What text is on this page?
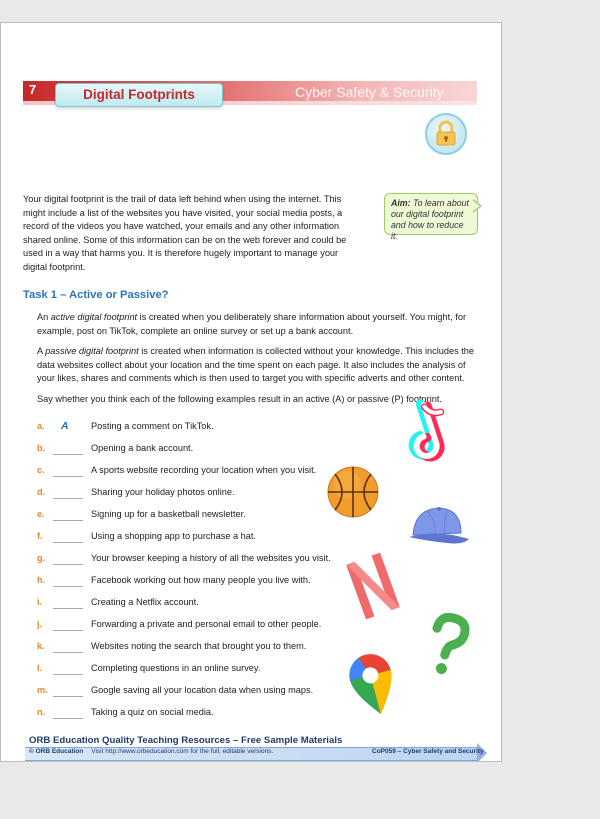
7	Digital Footprints	Cyber Safety & Security

Your digital footprint is the trail of data left behind when using the internet. This might include a list of the websites you have visited, your social media posts, a record of the videos you have watched, your emails and any other information shared online. Some of this information can be on the web forever and could be used in a way that harms you. It is therefore hugely important to manage your digital footprint.

Aim: To learn about our digital footprint and how to reduce it.
Task 1 – Active or Passive?

An active digital footprint is created when you deliberately share information about yourself. You might, for example, post on TikTok, complete an online survey or set up a bank account.

A passive digital footprint is created when information is collected without your knowledge. This includes the data websites collect about your location and the time spent on each page. It also includes the analysis of your likes, shares and comments which is then used to target you with specific adverts and other content.

Say whether you think each of the following examples result in an active (A) or passive (P) footprint.

a. A Posting a comment on TikTok.
b.	Opening a bank account.
c.	A sports website recording your location when you visit.
d.	Sharing your holiday photos online.
e.	Signing up for a basketball newsletter.
f.	Using a shopping app to purchase a hat.
g.	Your browser keeping a history of all the websites you visit.
h.	Facebook working out how many people you live with.
i.	Creating a Netflix account.
j.	Forwarding a private and personal email to other people.
k.	Websites noting the search that brought you to them.
l.	Completing questions in an online survey.
m.	Google saving all your location data when using maps.
n.	Taking a quiz on social media.
ORB Education Quality Teaching Resources – Free Sample Materials
© ORB Education Visit http://www.orbeducation.com for the full, editable versions.	CoP059 – Cyber Safety and Security
